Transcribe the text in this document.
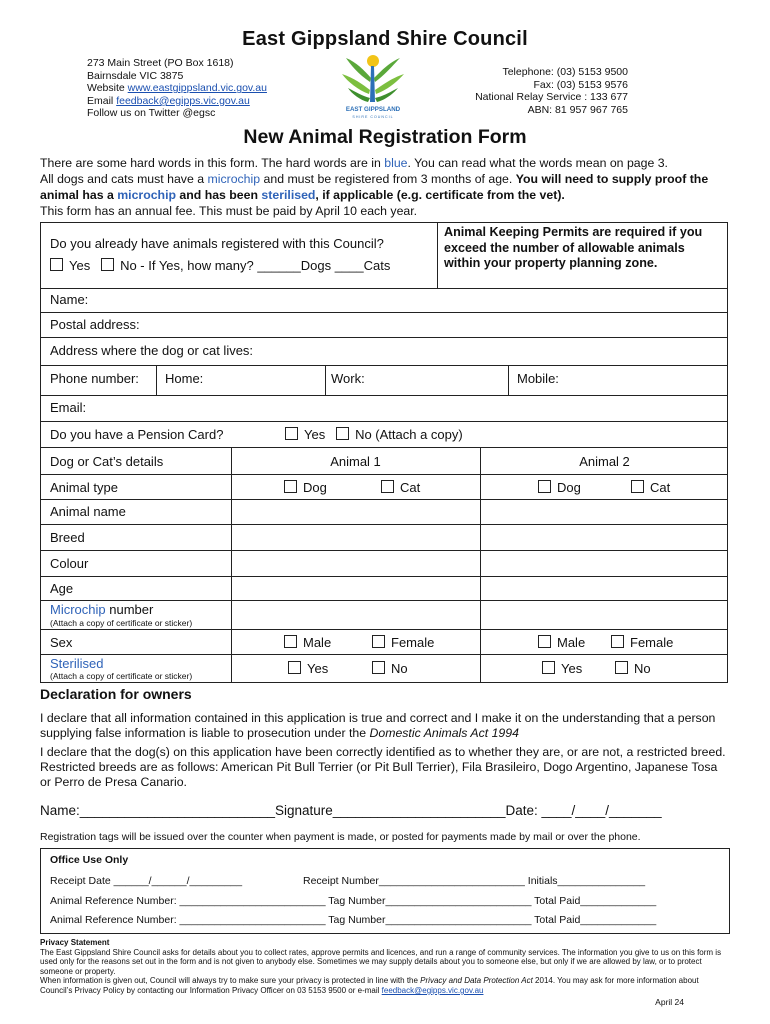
East Gippsland Shire Council
273 Main Street (PO Box 1618)
Bairnsdale VIC 3875
Website www.eastgippsland.vic.gov.au
Email feedback@egipps.vic.gov.au
Follow us on Twitter @egsc	EAST GIPPSLAND
SHIRE COUNCIL
Telephone: (03) 5153 9500
Fax: (03) 5153 9576
National Relay Service : 133 677
ABN: 81 957 967 765
New Animal Registration Form

There are some hard words in this form. The hard words are in blue. You can read what the words mean on page 3.

All dogs and cats must have a microchip and must be registered from 3 months of age. You will need to supply proof the animal has a microchip and has been sterilised, if applicable (e.g. certificate from the vet).

This form has an annual fee. This must be paid by April 10 each year.

Do you already have animals registered with this Council?
Yes No - If Yes, how many? ______Dogs ____Cats
Animal Keeping Permits are required if you exceed the number of allowable animals within your property planning zone.
Name:
Postal address:
Address where the dog or cat lives:
Phone number: Home:	Work:	Mobile:
Email:
Do you have a Pension Card?	Yes No (Attach a copy)
Dog or Cat’s details	Animal 1	Animal 2
Animal type	Dog	Cat	Dog	Cat
Animal name
Breed
Colour
Age
Microchip number
(Attach a copy of certificate or sticker)
Sex	Male	Female	Male	Female
Sterilised
(Attach a copy of certificate or sticker)	Yes	No	Yes	No
Declaration for owners

I declare that all information contained in this application is true and correct and I make it on the understanding that a person supplying false information is liable to prosecution under the Domestic Animals Act 1994

I declare that the dog(s) on this application have been correctly identified as to whether they are, or are not, a restricted breed. Restricted breeds are as follows: American Pit Bull Terrier (or Pit Bull Terrier), Fila Brasileiro, Dogo Argentino, Japanese Tosa or Perro de Presa Canario.

Name:__________________________Signature_______________________Date: ____/____/_______
Registration tags will be issued over the counter when payment is made, or posted for payments made by mail or over the phone.
Office Use Only
Receipt Date ______/______/_________	Receipt Number_________________________ Initials_______________
Animal Reference Number: _________________________ Tag Number_________________________ Total Paid_____________
Animal Reference Number: _________________________ Tag Number_________________________ Total Paid_____________

Privacy Statement

The East Gippsland Shire Council asks for details about you to collect rates, approve permits and licences, and run a range of community services. The information you give to us on this form is used only for the reasons set out in the form and is not given to anybody else. Sometimes we may supply details about you to someone else, but only if we are allowed by law, or to protect someone or property.

When information is given out, Council will always try to make sure your privacy is protected in line with the Privacy and Data Protection Act 2014. You may ask for more information about Council’s Privacy Policy by contacting our Information Privacy Officer on 03 5153 9500 or e-mail feedback@egipps.vic.gov.au

April 24
